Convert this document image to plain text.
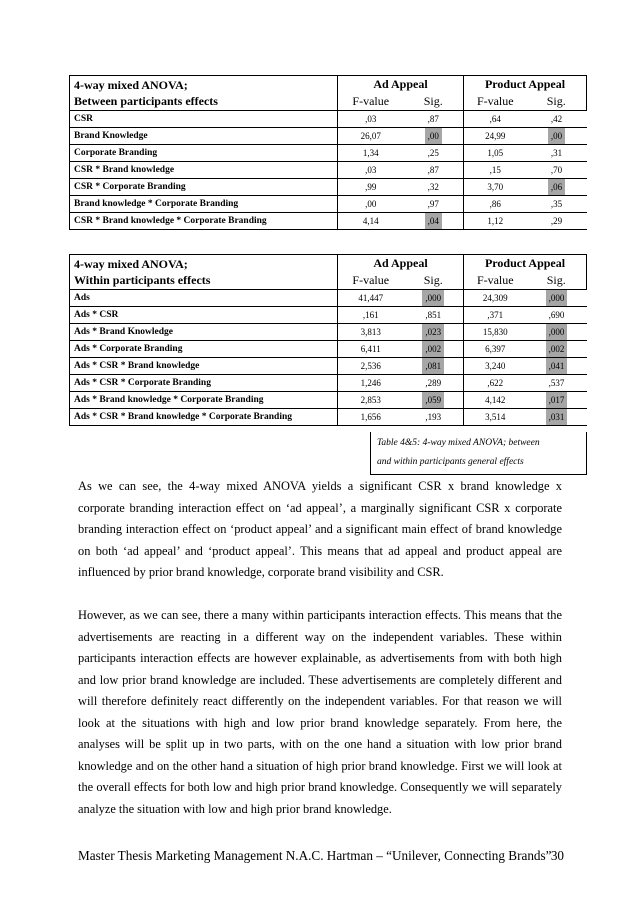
4-way mixed ANOVA;
Between participants effects	Ad Appeal		Product Appeal	
	F-value	Sig.	F-value	Sig.
CSR	,03	,87	,64	,42
Brand Knowledge	26,07	,00	24,99	,00
Corporate Branding	1,34	,25	1,05	,31
CSR * Brand knowledge	,03	,87	,15	,70
CSR * Corporate Branding	,99	,32	3,70	,06
Brand knowledge * Corporate Branding	,00	,97	,86	,35
CSR * Brand knowledge * Corporate Branding	4,14	,04	1,12	,29
4-way mixed ANOVA;
Within participants effects	Ad Appeal		Product Appeal	
	F-value	Sig.	F-value	Sig.
Ads	41,447	,000	24,309	,000
Ads * CSR	,161	,851	,371	,690
Ads * Brand Knowledge	3,813	,023	15,830	,000
Ads * Corporate Branding	6,411	,002	6,397	,002
Ads * CSR * Brand knowledge	2,536	,081	3,240	,041
Ads * CSR * Corporate Branding	1,246	,289	,622	,537
Ads * Brand knowledge * Corporate Branding	2,853	,059	4,142	,017
Ads * CSR * Brand knowledge * Corporate Branding	1,656	,193	3,514	,031
Table 4&5: 4-way mixed ANOVA; between
and within participants general effects

As we can see, the 4-way mixed ANOVA yields a significant CSR x brand knowledge x corporate branding interaction effect on ‘ad appeal’, a marginally significant CSR x corporate branding interaction effect on ‘product appeal’ and a significant main effect of brand knowledge on both ‘ad appeal’ and ‘product appeal’. This means that ad appeal and product appeal are influenced by prior brand knowledge, corporate brand visibility and CSR.

However, as we can see, there a many within participants interaction effects. This means that the advertisements are reacting in a different way on the independent variables. These within participants interaction effects are however explainable, as advertisements from with both high and low prior brand knowledge are included. These advertisements are completely different and will therefore definitely react differently on the independent variables. For that reason we will look at the situations with high and low prior brand knowledge separately. From here, the analyses will be split up in two parts, with on the one hand a situation with low prior brand knowledge and on the other hand a situation of high prior brand knowledge. First we will look at the overall effects for both low and high prior brand knowledge. Consequently we will separately analyze the situation with low and high prior brand knowledge.

Master Thesis Marketing Management N.A.C. Hartman – “Unilever, Connecting Brands” 30
